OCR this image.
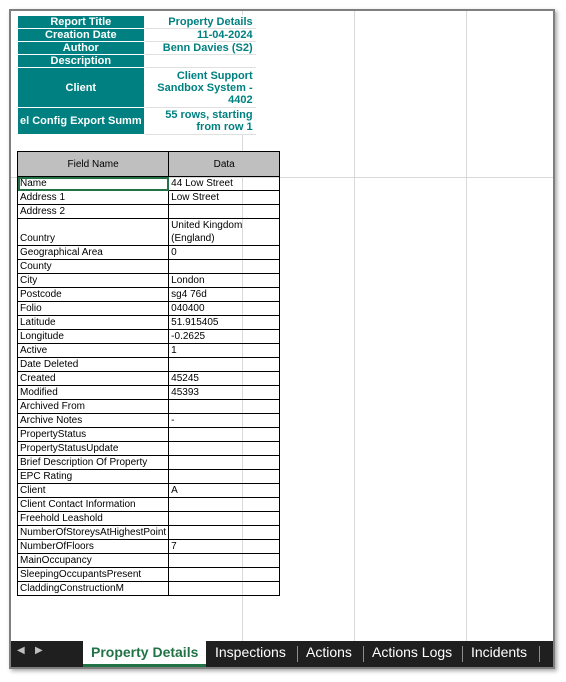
Report Title	Property Details
Creation Date	11-04-2024
Author	Benn Davies (S2)
Description	
Client	Client Support Sandbox System - 4402
el Config Export Summ	55 rows, starting from row 1
Field Name	Data
Name	44 Low Street
Address 1	Low Street
Address 2	
Country	United Kingdom (England)
Geographical Area	0
County	
City	London
Postcode	sg4 76d
Folio	040400
Latitude	51.915405
Longitude	-0.2625
Active	1
Date Deleted	
Created	45245
Modified	45393
Archived From	
Archive Notes	-
PropertyStatus	
PropertyStatusUpdate	
Brief Description Of Property	
EPC Rating	
Client	A
Client Contact Information	
Freehold Leashold	
NumberOfStoreysAtHighestPoint	
NumberOfFloors	7
MainOccupancy	
SleepingOccupantsPresent	
CladdingConstructionM	
◀ ▶	Property Details	Inspections	Actions	Actions Logs	Incidents
